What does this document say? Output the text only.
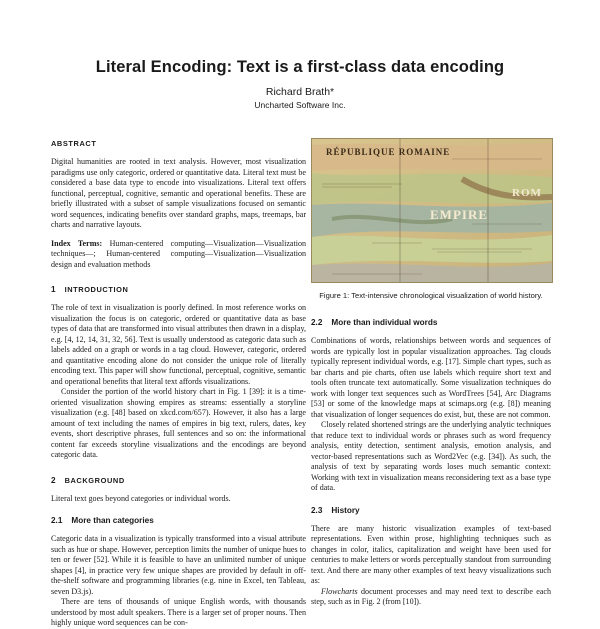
Literal Encoding: Text is a first-class data encoding
Richard Brath*
Uncharted Software Inc.
ABSTRACT

Digital humanities are rooted in text analysis. However, most visualization paradigms use only categoric, ordered or quantitative data. Literal text must be considered a base data type to encode into visualizations. Literal text offers functional, perceptual, cognitive, semantic and operational benefits. These are briefly illustrated with a subset of sample visualizations focused on semantic word sequences, indicating benefits over standard graphs, maps, treemaps, bar charts and narrative layouts.

Index Terms: Human-centered computing—Visualization—Visualization techniques—; Human-centered computing—Visualization—Visualization design and evaluation methods

1 INTRODUCTION

The role of text in visualization is poorly defined. In most reference works on visualization the focus is on categoric, ordered or quantitative data as base types of data that are transformed into visual attributes then drawn in a display, e.g. [4, 12, 14, 31, 32, 56]. Text is usually understood as categoric data such as labels added on a graph or words in a tag cloud. However, categoric, ordered and quantitative encoding alone do not consider the unique role of literally encoding text. This paper will show functional, perceptual, cognitive, semantic and operational benefits that literal text affords visualizations.

Consider the portion of the world history chart in Fig. 1 [39]: it is a time-oriented visualization showing empires as streams: essentially a storyline visualization (e.g. [48] based on xkcd.com/657). However, it also has a large amount of text including the names of empires in big text, rulers, dates, key events, short descriptive phrases, full sentences and so on: the informational content far exceeds storyline visualizations and the encodings are beyond categoric data.

2 BACKGROUND

Literal text goes beyond categories or individual words.

2.1 More than categories

Categoric data in a visualization is typically transformed into a visual attribute such as hue or shape. However, perception limits the number of unique hues to ten or fewer [52]. While it is feasible to have an unlimited number of unique shapes [4], in practice very few unique shapes are provided by default in off-the-shelf software and programming libraries (e.g. nine in Excel, ten Tableau, seven D3.js).

There are tens of thousands of unique English words, with thousands understood by most adult speakers. There is a larger set of proper nouns. Then highly unique word sequences can be con-

RÉPUBLIQUE ROMAINE
EMPIRE
ROM
Figure 1: Text-intensive chronological visualization of world history.
2.2 More than individual words

Combinations of words, relationships between words and sequences of words are typically lost in popular visualization approaches. Tag clouds typically represent individual words, e.g. [17]. Simple chart types, such as bar charts and pie charts, often use labels which require short text and tools often truncate text automatically. Some visualization techniques do work with longer text sequences such as WordTrees [54], Arc Diagrams [53] or some of the knowledge maps at scimaps.org (e.g. [8]) meaning that visualization of longer sequences do exist, but, these are not common.

Closely related shortened strings are the underlying analytic techniques that reduce text to individual words or phrases such as word frequency analysis, entity detection, sentiment analysis, emotion analysis, and vector-based representations such as Word2Vec (e.g. [34]). As such, the analysis of text by separating words loses much semantic context: Working with text in visualization means reconsidering text as a base type of data.

2.3 History

There are many historic visualization examples of text-based representations. Even within prose, highlighting techniques such as changes in color, italics, capitalization and weight have been used for centuries to make letters or words perceptually standout from surrounding text. And there are many other examples of text heavy visualizations such as:

Flowcharts document processes and may need text to describe each step, such as in Fig. 2 (from [10]).
